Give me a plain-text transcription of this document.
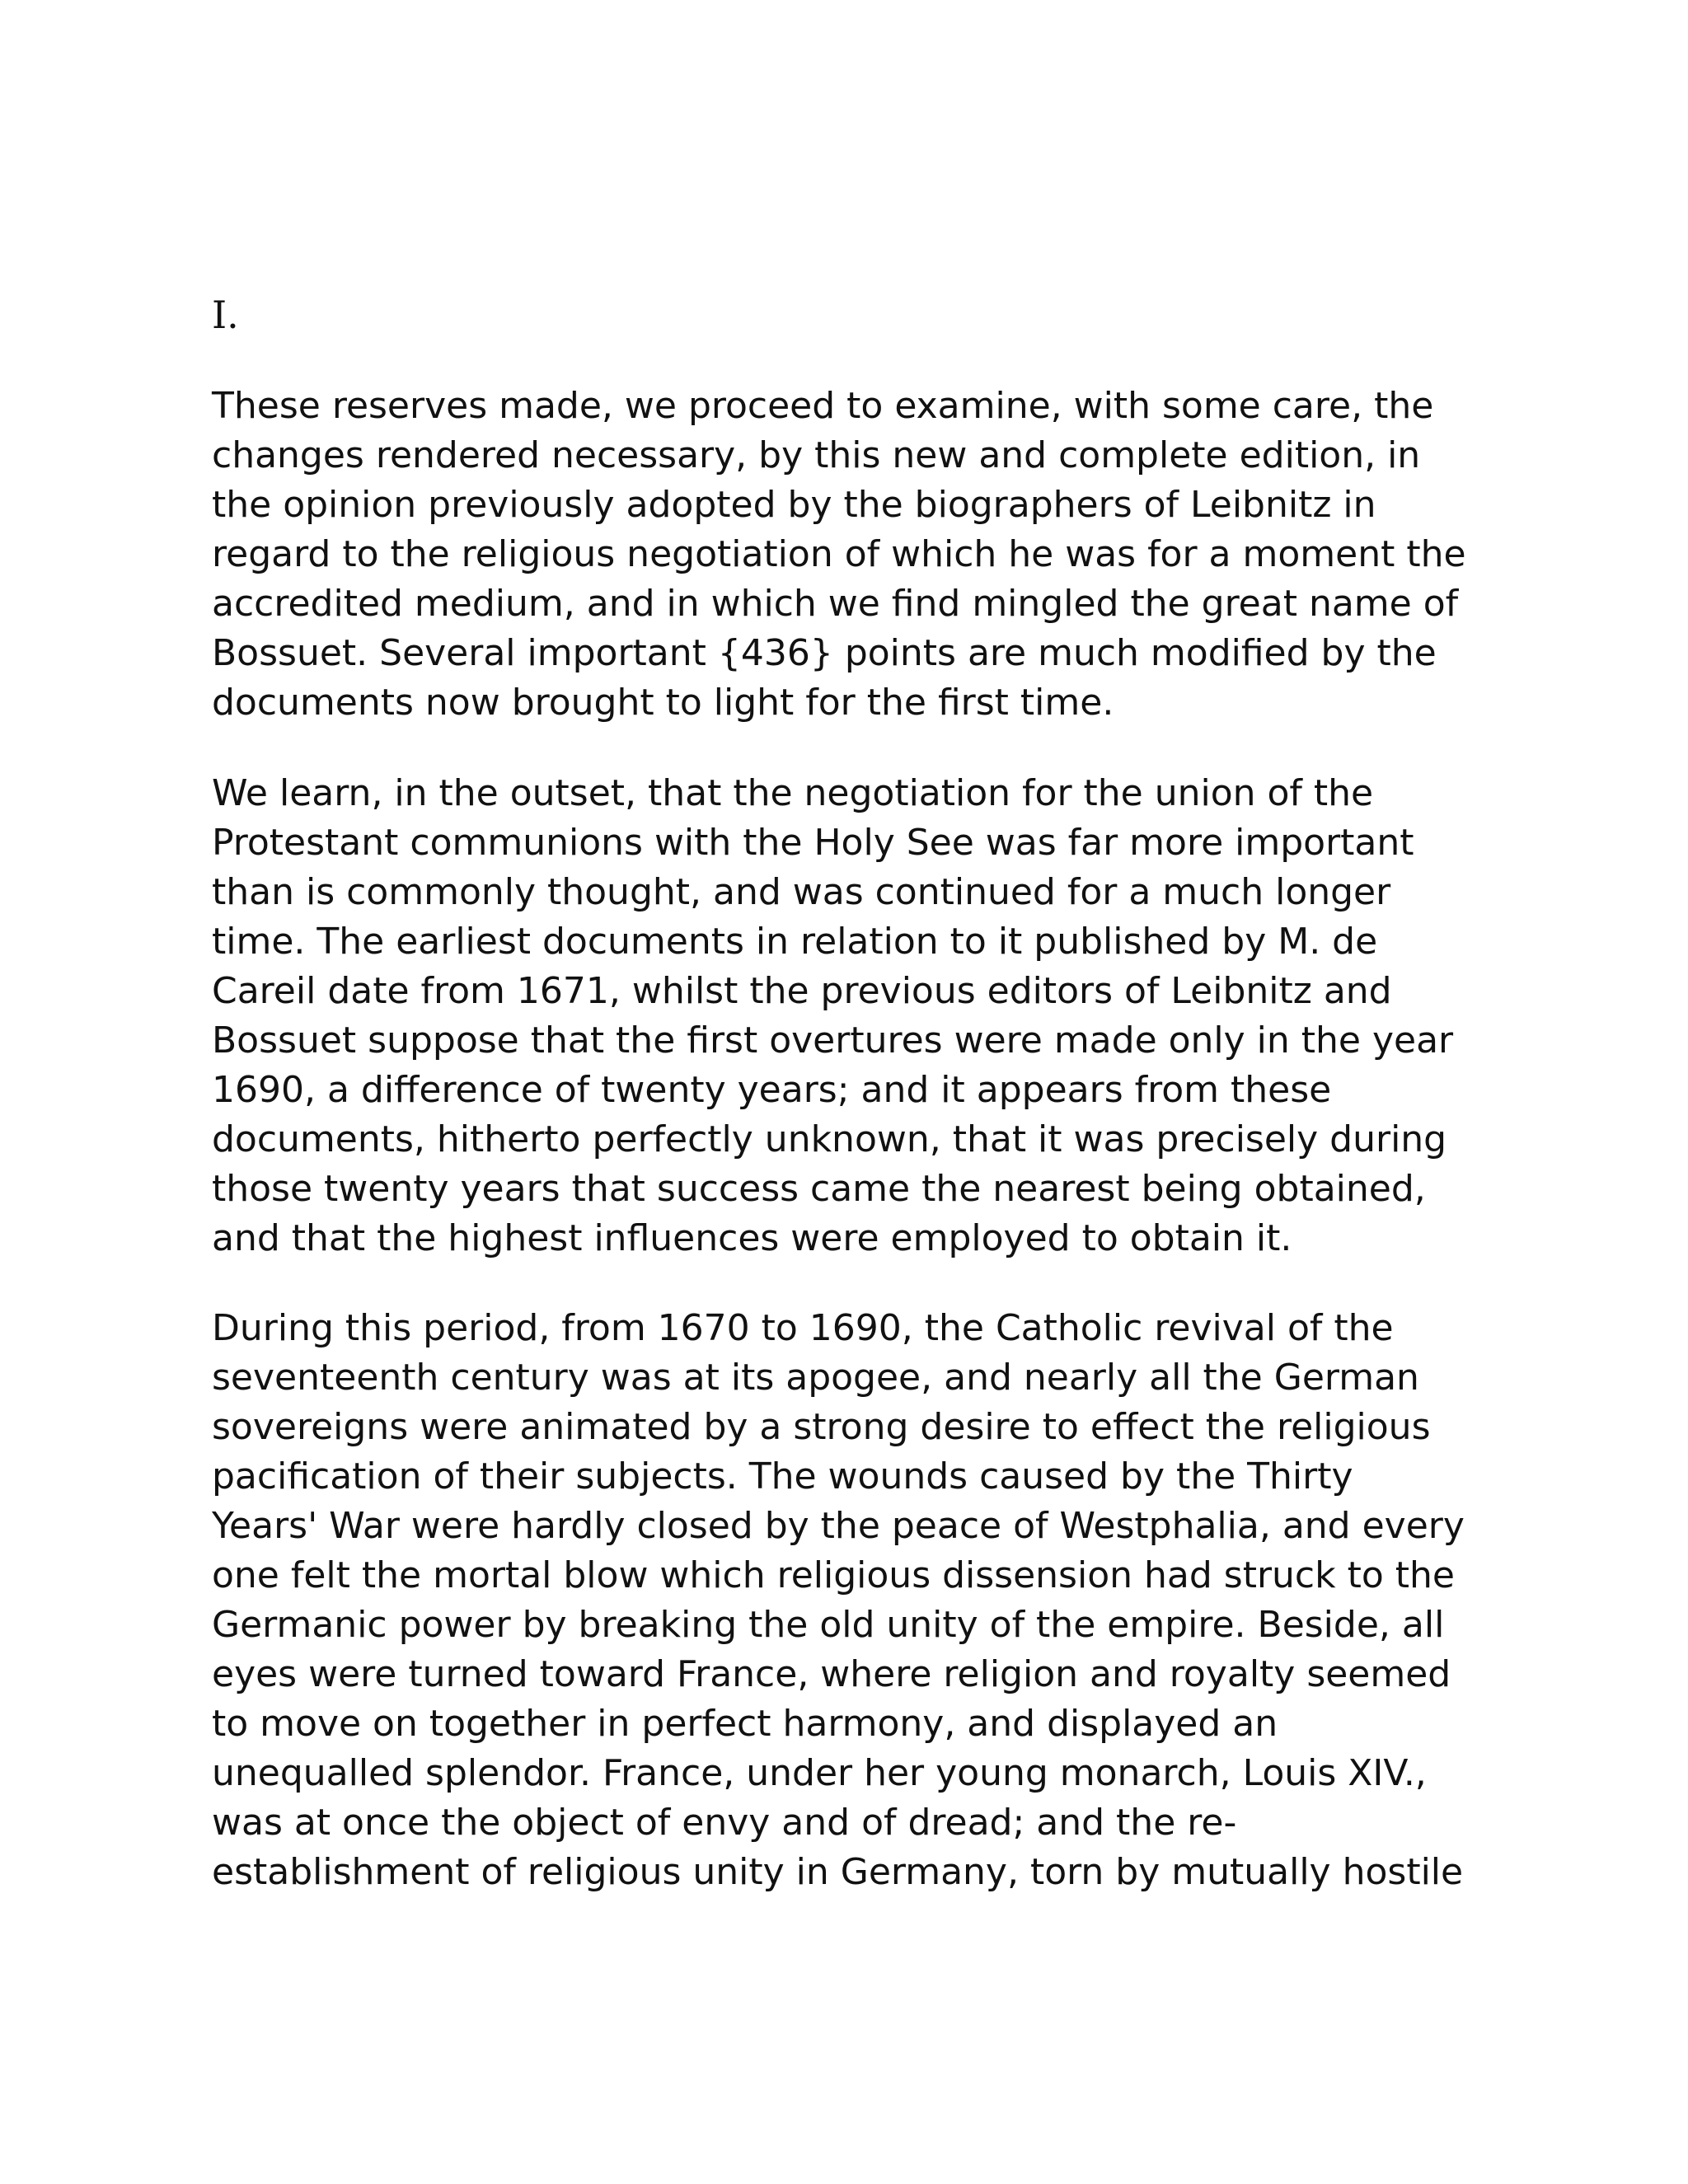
I.
These reserves made, we proceed to examine, with some care, the
changes rendered necessary, by this new and complete edition, in
the opinion previously adopted by the biographers of Leibnitz in
regard to the religious negotiation of which he was for a moment the
accredited medium, and in which we find mingled the great name of
Bossuet. Several important {436} points are much modified by the
documents now brought to light for the first time.
We learn, in the outset, that the negotiation for the union of the
Protestant communions with the Holy See was far more important
than is commonly thought, and was continued for a much longer
time. The earliest documents in relation to it published by M. de
Careil date from 1671, whilst the previous editors of Leibnitz and
Bossuet suppose that the first overtures were made only in the year
1690, a difference of twenty years; and it appears from these
documents, hitherto perfectly unknown, that it was precisely during
those twenty years that success came the nearest being obtained,
and that the highest influences were employed to obtain it.
During this period, from 1670 to 1690, the Catholic revival of the
seventeenth century was at its apogee, and nearly all the German
sovereigns were animated by a strong desire to effect the religious
pacification of their subjects. The wounds caused by the Thirty
Years' War were hardly closed by the peace of Westphalia, and every
one felt the mortal blow which religious dissension had struck to the
Germanic power by breaking the old unity of the empire. Beside, all
eyes were turned toward France, where religion and royalty seemed
to move on together in perfect harmony, and displayed an
unequalled splendor. France, under her young monarch, Louis XIV.,
was at once the object of envy and of dread; and the re-
establishment of religious unity in Germany, torn by mutually hostile
